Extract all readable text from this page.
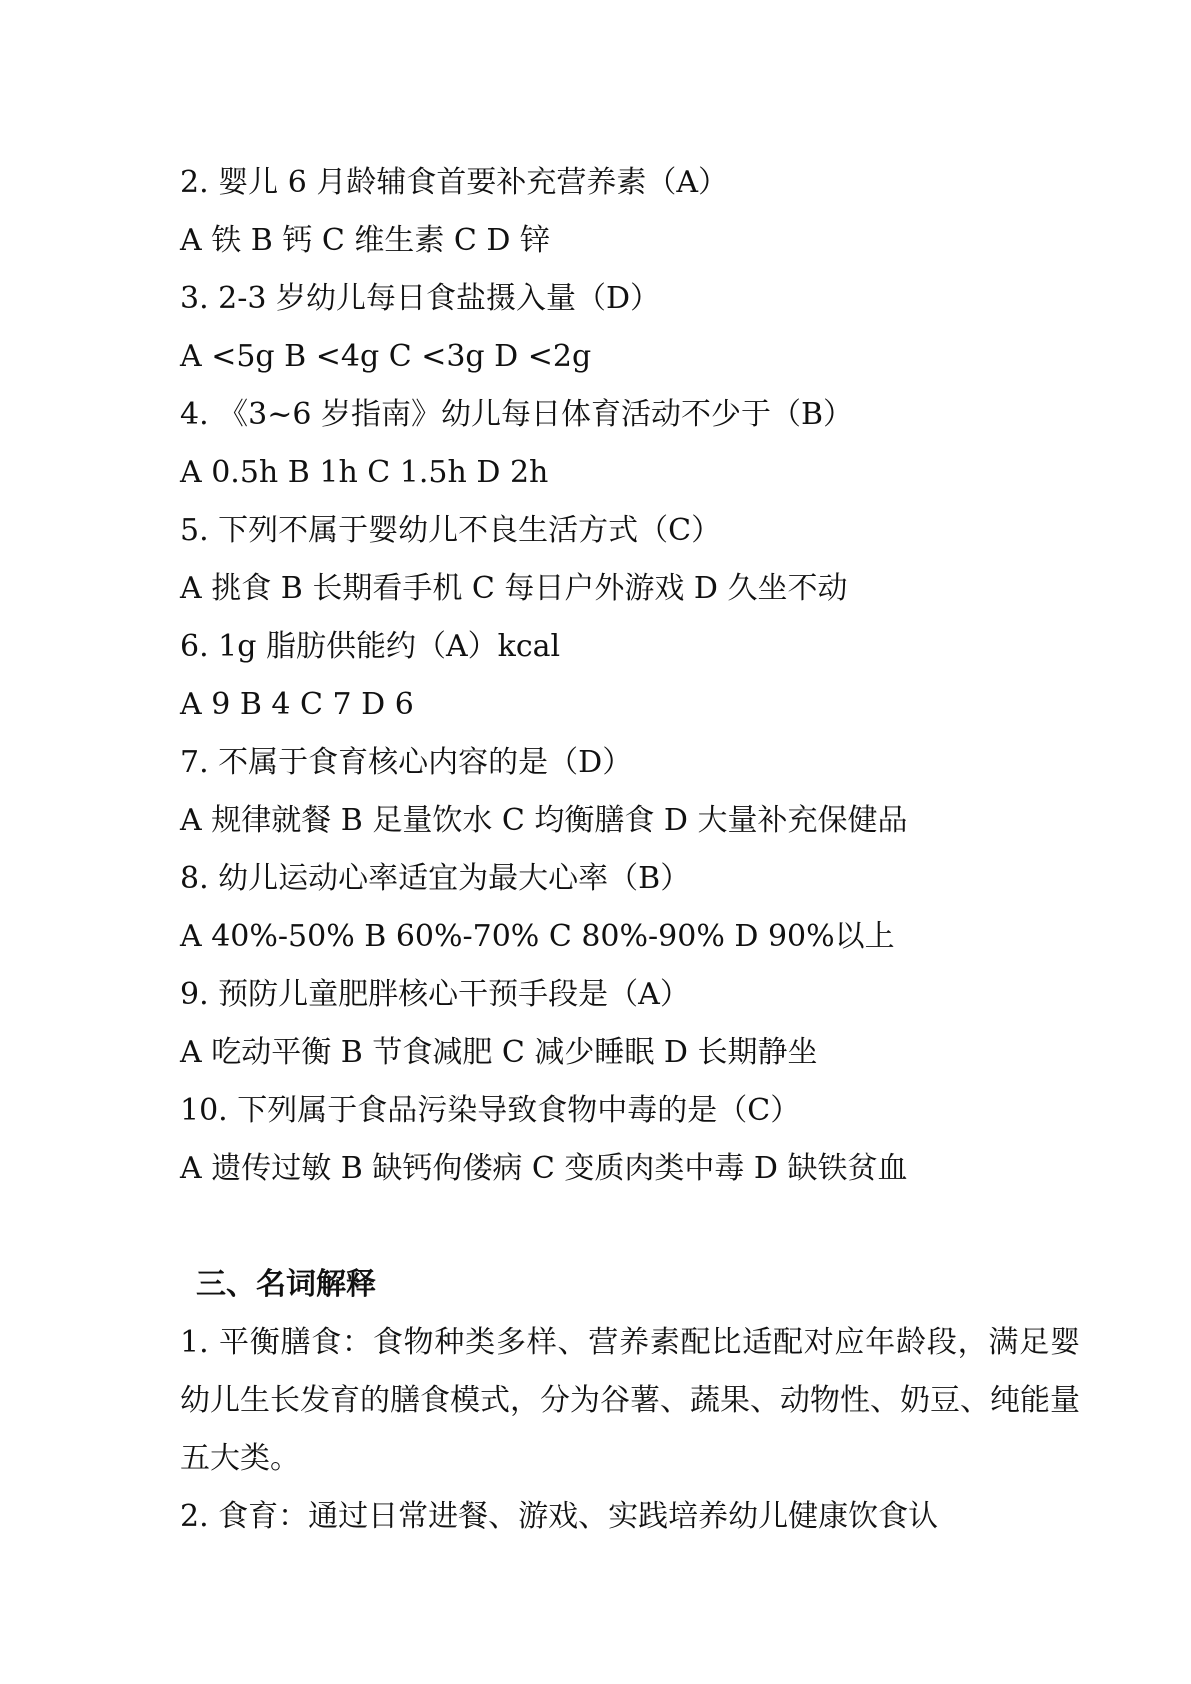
2. 婴儿 6 月龄辅食首要补充营养素（A）
A 铁 B 钙 C 维生素 C D 锌
3. 2-3 岁幼儿每日食盐摄入量（D）
A <5g B <4g C <3g D <2g
4. 《3~6 岁指南》幼儿每日体育活动不少于（B）
A 0.5h B 1h C 1.5h D 2h
5. 下列不属于婴幼儿不良生活方式（C）
A 挑食 B 长期看手机 C 每日户外游戏 D 久坐不动
6. 1g 脂肪供能约（A）kcal
A 9 B 4 C 7 D 6
7. 不属于食育核心内容的是（D）
A 规律就餐 B 足量饮水 C 均衡膳食 D 大量补充保健品
8. 幼儿运动心率适宜为最大心率（B）
A 40%-50% B 60%-70% C 80%-90% D 90%以上
9. 预防儿童肥胖核心干预手段是（A）
A 吃动平衡 B 节食减肥 C 减少睡眠 D 长期静坐
10. 下列属于食品污染导致食物中毒的是（C）
A 遗传过敏 B 缺钙佝偻病 C 变质肉类中毒 D 缺铁贫血
三、名词解释
1. 平衡膳食：食物种类多样、营养素配比适配对应年龄段，满足婴幼儿生长发育的膳食模式，分为谷薯、蔬果、动物性、奶豆、纯能量五大类。
2. 食育：通过日常进餐、游戏、实践培养幼儿健康饮食认
